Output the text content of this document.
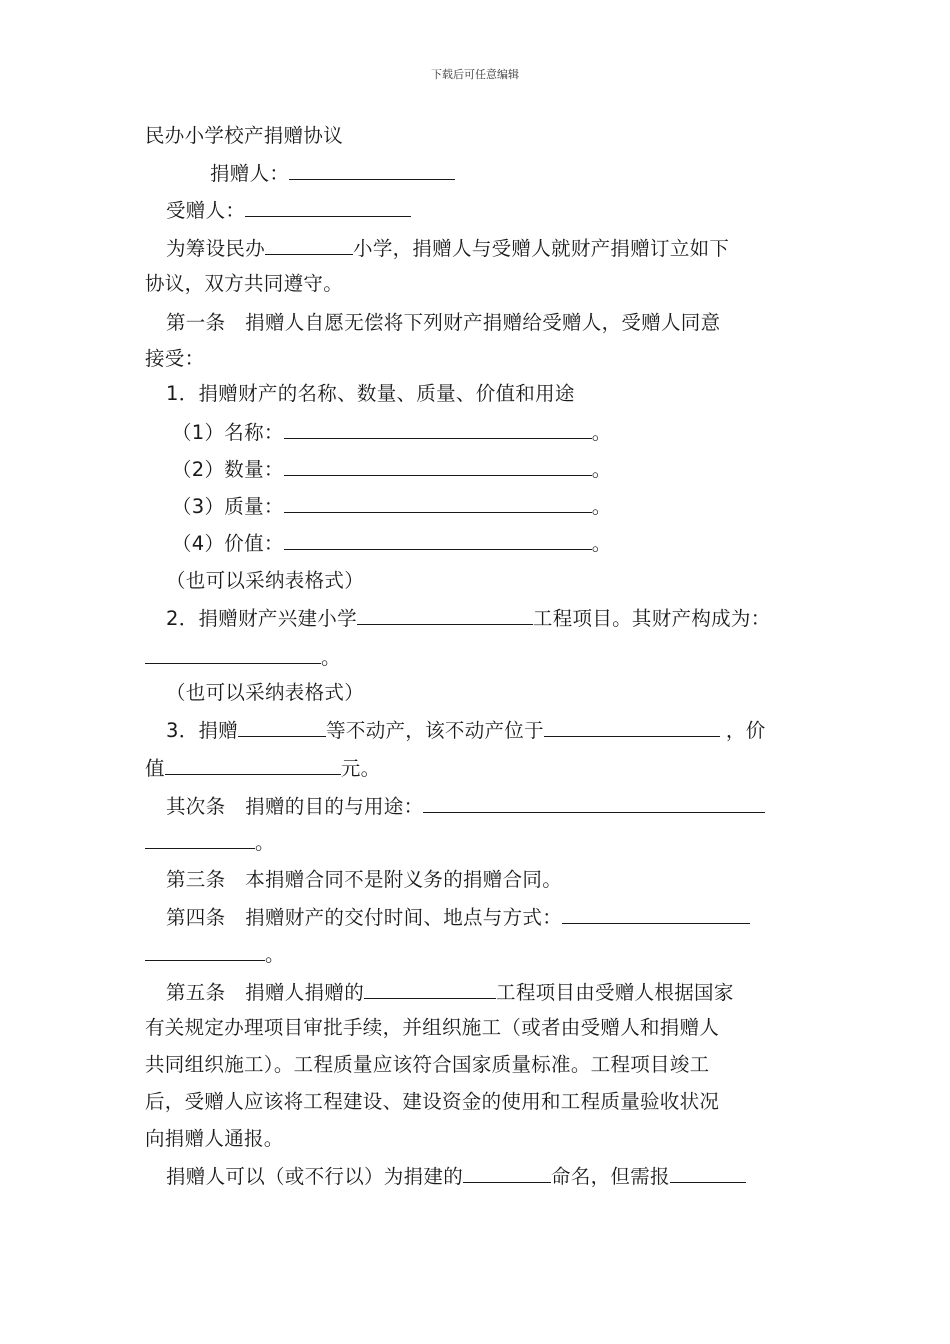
下载后可任意编辑
民办小学校产捐赠协议
捐赠人：
受赠人：
为筹设民办	小学，捐赠人与受赠人就财产捐赠订立如下
协议，双方共同遵守。
第一条　捐赠人自愿无偿将下列财产捐赠给受赠人，受赠人同意
接受：
1．捐赠财产的名称、数量、质量、价值和用途
（1）名称：	。
（2）数量：	。
（3）质量：	。
（4）价值：	。
（也可以采纳表格式）
2．捐赠财产兴建小学	工程项目。其财产构成为：
。
（也可以采纳表格式）
3．捐赠	等不动产，该不动产位于	，价
值	元。
其次条　捐赠的目的与用途：
。
第三条　本捐赠合同不是附义务的捐赠合同。
第四条　捐赠财产的交付时间、地点与方式：
。
第五条　捐赠人捐赠的	工程项目由受赠人根据国家
有关规定办理项目审批手续，并组织施工（或者由受赠人和捐赠人
共同组织施工）。工程质量应该符合国家质量标准。工程项目竣工
后，受赠人应该将工程建设、建设资金的使用和工程质量验收状况
向捐赠人通报。
捐赠人可以（或不行以）为捐建的	命名，但需报
